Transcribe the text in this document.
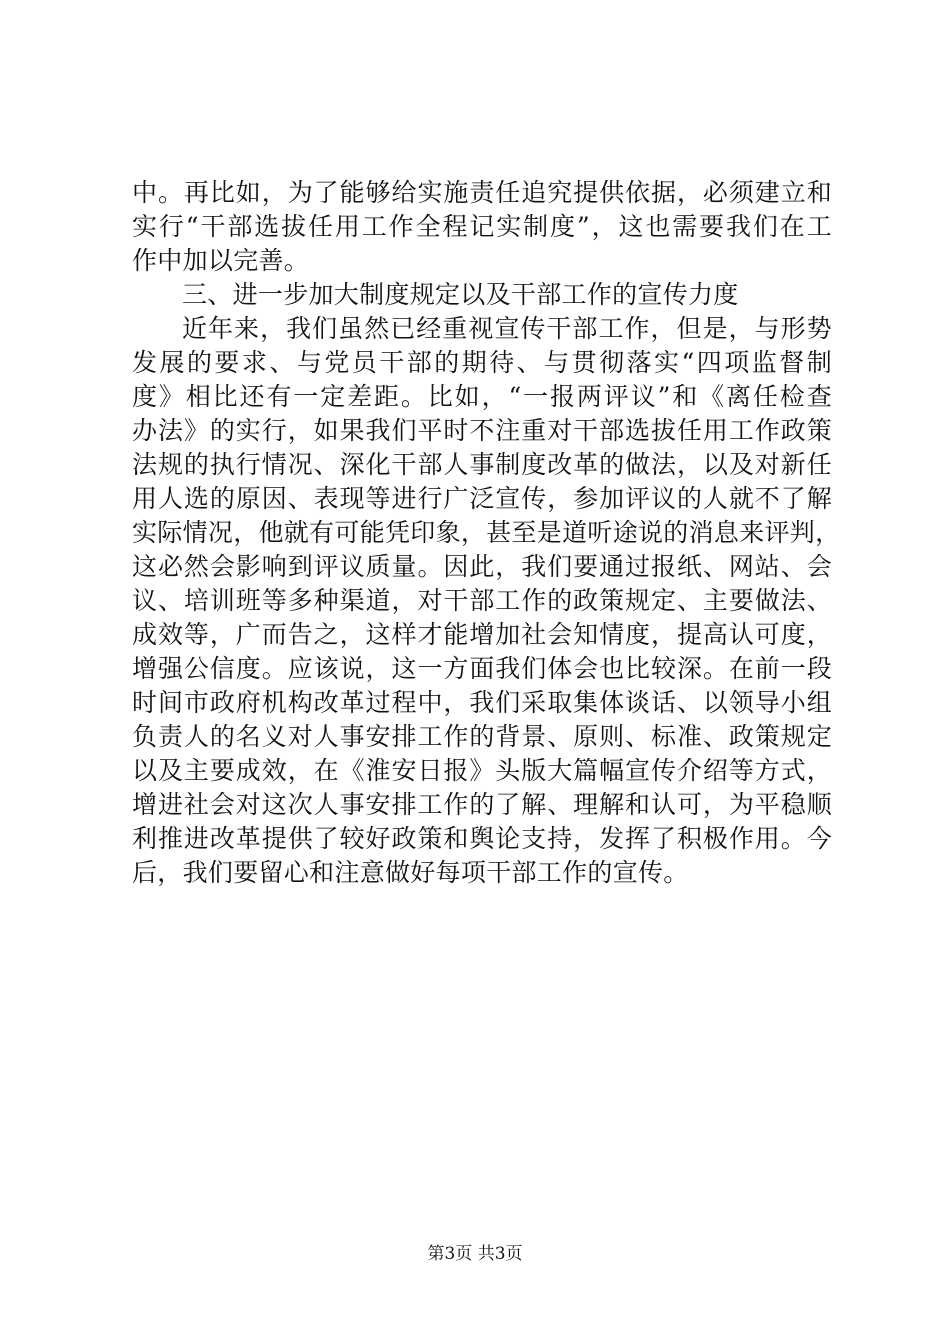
中。再比如，为了能够给实施责任追究提供依据，必须建立和
实行“干部选拔任用工作全程记实制度”，这也需要我们在工
作中加以完善。
三、进一步加大制度规定以及干部工作的宣传力度
近年来，我们虽然已经重视宣传干部工作，但是，与形势
发展的要求、与党员干部的期待、与贯彻落实“四项监督制
度》相比还有一定差距。比如，“一报两评议”和《离任检查
办法》的实行，如果我们平时不注重对干部选拔任用工作政策
法规的执行情况、深化干部人事制度改革的做法，以及对新任
用人选的原因、表现等进行广泛宣传，参加评议的人就不了解
实际情况，他就有可能凭印象，甚至是道听途说的消息来评判，
这必然会影响到评议质量。因此，我们要通过报纸、网站、会
议、培训班等多种渠道，对干部工作的政策规定、主要做法、
成效等，广而告之，这样才能增加社会知情度，提高认可度，
增强公信度。应该说，这一方面我们体会也比较深。在前一段
时间市政府机构改革过程中，我们采取集体谈话、以领导小组
负责人的名义对人事安排工作的背景、原则、标准、政策规定
以及主要成效，在《淮安日报》头版大篇幅宣传介绍等方式，
增进社会对这次人事安排工作的了解、理解和认可，为平稳顺
利推进改革提供了较好政策和舆论支持，发挥了积极作用。今
后，我们要留心和注意做好每项干部工作的宣传。
第3页 共3页
